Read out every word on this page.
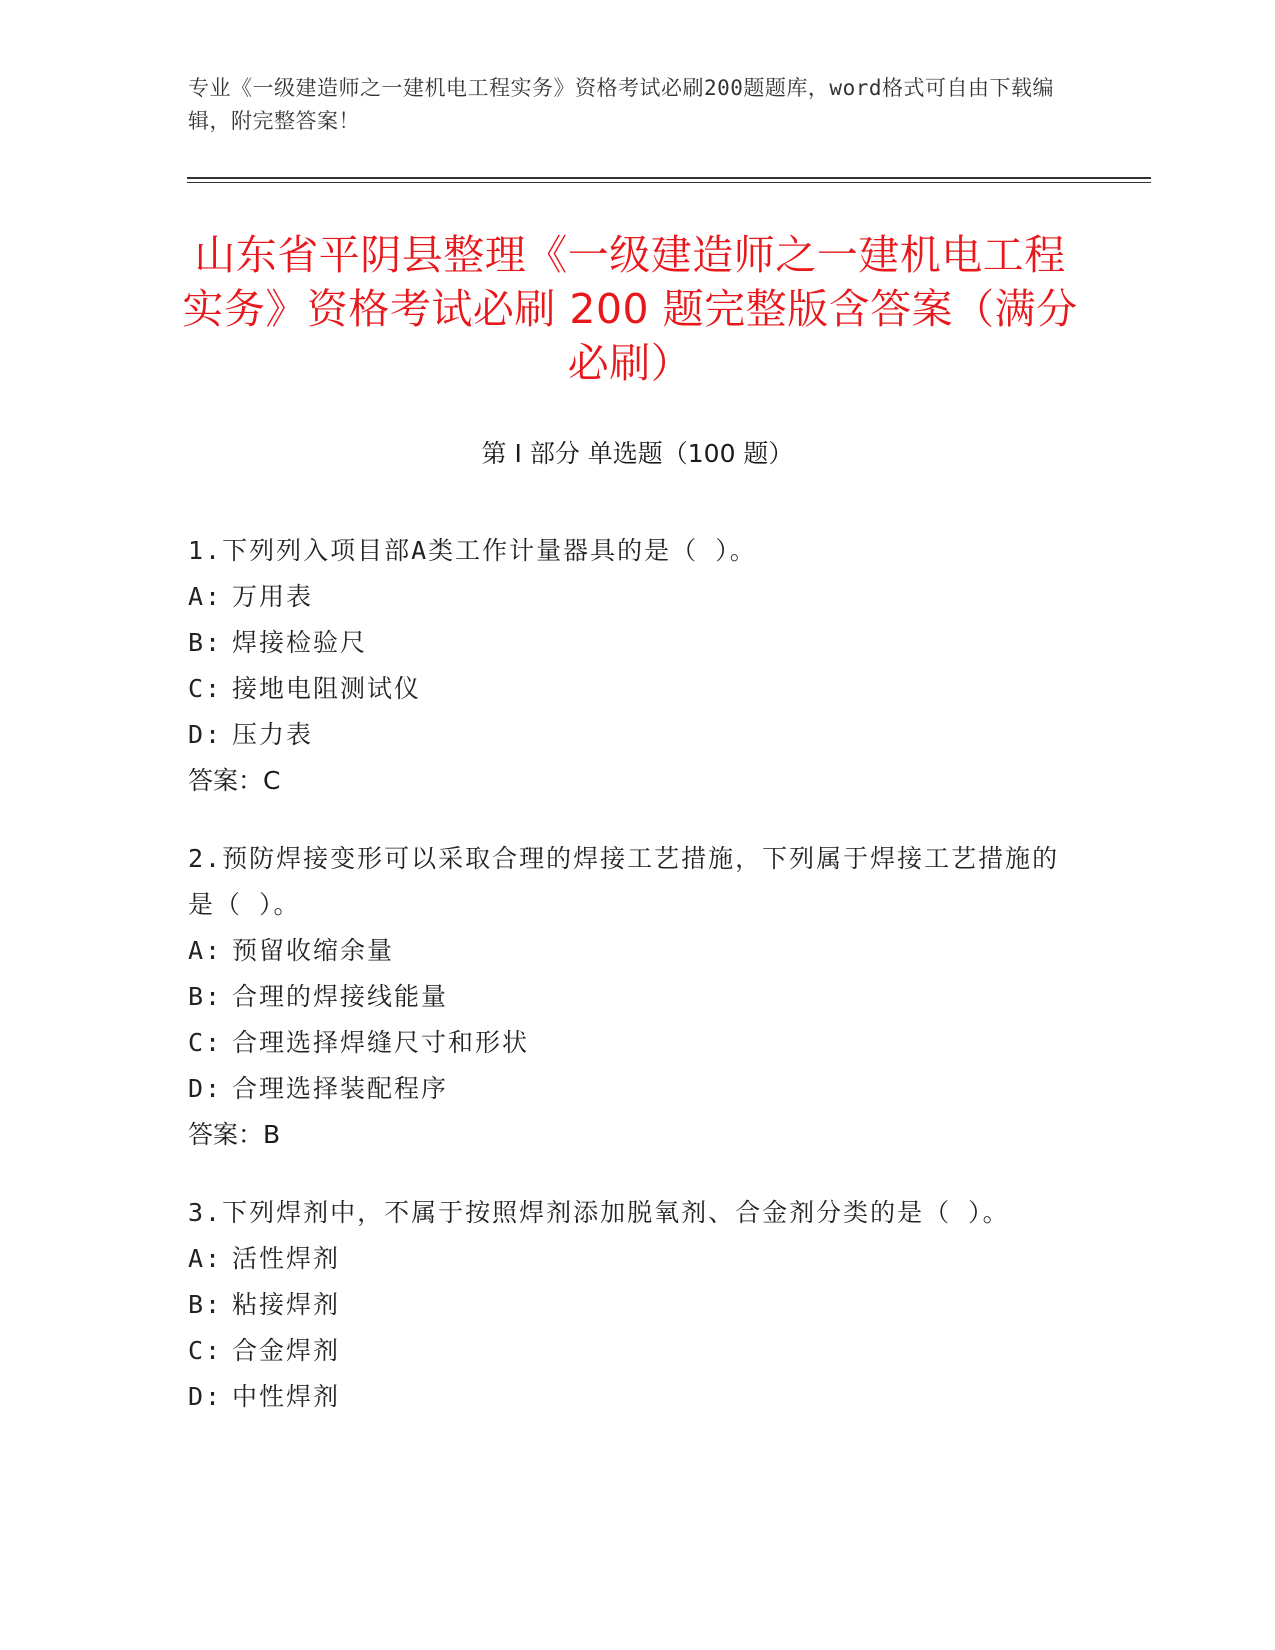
专业《一级建造师之一建机电工程实务》资格考试必刷200题题库，word格式可自由下载编辑，附完整答案！
山东省平阴县整理《一级建造师之一建机电工程实务》资格考试必刷 200 题完整版含答案（满分必刷）
第 I 部分 单选题（100 题）

1.下列列入项目部A类工作计量器具的是（ ）。

A: 万用表
B: 焊接检验尺
C: 接地电阻测试仪
D: 压力表
答案：C

2.预防焊接变形可以采取合理的焊接工艺措施，下列属于焊接工艺措施的是（ ）。

A: 预留收缩余量
B: 合理的焊接线能量
C: 合理选择焊缝尺寸和形状
D: 合理选择装配程序
答案：B

3.下列焊剂中，不属于按照焊剂添加脱氧剂、合金剂分类的是（ ）。

A: 活性焊剂
B: 粘接焊剂
C: 合金焊剂
D: 中性焊剂
